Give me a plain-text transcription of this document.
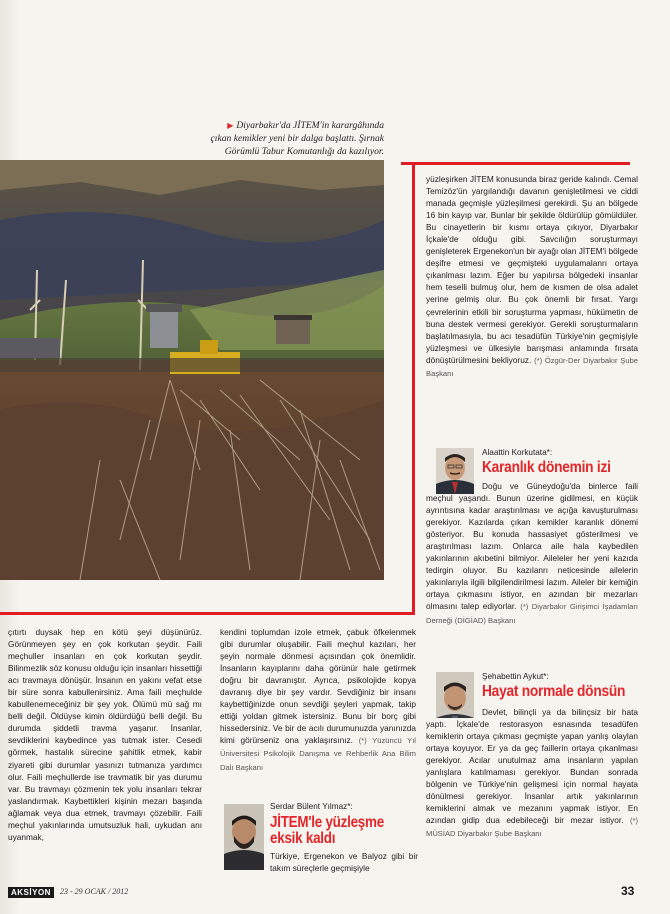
▶ Diyarbakır'da JİTEM'in karargâhında
çıkan kemikler yeni bir dalga başlattı. Şırnak
Görümlü Tabur Komutanlığı da kazılıyor.

yüzleşirken JİTEM konusunda biraz geride kalındı. Cemal Temizöz'ün yargılandığı davanın genişletilmesi ve ciddi manada geçmişle yüzleşilmesi gerekirdi. Şu an bölgede 16 bin kayıp var. Bunlar bir şekilde öldürülüp gömüldüler. Bu cinayetlerin bir kısmı ortaya çıkıyor, Diyarbakır İçkale'de olduğu gibi. Savcılığın soruşturmayı genişleterek Ergenekon'un bir ayağı olan JİTEM'i bölgede deşifre etmesi ve geçmişteki uygulamalanrı ortaya çıkanlması lazım. Eğer bu yapılırsa bölgedeki insanlar hem teselli bulmuş olur, hem de kısmen de olsa adalet yerine gelmiş olur. Bu çok önemli bir fırsat. Yargı çevrelerinin etkili bir soruşturma yapması, hükümetin de buna destek vermesi gerekiyor. Gerekli soruşturmaların başlatılmasıyla, bu acı tesadüfün Türkiye'nin geçmişiyle yüzleşmesi ve ülkesiyle barışması anlamında fırsata dönüştürülmesini bekliyoruz. (*) Özgür-Der Diyarbakır Şube Başkanı

Alaattin Korkutata*:
Karanlık dönemin izi

Doğu ve Güneydoğu'da binlerce faili meçhul yaşandı. Bunun üzerine gidilmesi, en küçük ayrıntısına kadar araştırılması ve açığa kavuşturulması gerekiyor. Kazılarda çıkan kemikler karanlık dönemi gösteriyor. Bu konuda hassasiyet gösterilmesi ve araştırılması lazım. Onlarca aile hala kaybedilen yakınlarının akıbetini bilmiyor. Aileleler her yeni kazıda tedirgin oluyor. Bu kazılanrı neticesinde ailelerin yakınlarıyla ilgili bilgilendirilmesi lazım. Aileler bir kemiğin ortaya çıkmasını istiyor, en azından bir mezarları olmasını talep ediyorlar. (*) Diyarbakır Girişimci İşadamları Derneği (DİGİAD) Başkanı

Şehabettin Aykut*:
Hayat normale dönsün

Devlet, bilinçli ya da bilinçsiz bir hata yaptı. İçkale'de restorasyon esnasında tesadüfen kemiklerin ortaya çıkması geçmişte yapan yanlış olaylan ortaya koyuyor. Er ya da geç faillerin ortaya çıkanlması gerekiyor. Acılar unutulmaz ama insanların yapılan yanlışlara katılmaması gerekiyor. Bundan sonrada bölgenin ve Türkiye'nin gelişmesi için normal hayata dönülmesi gerekiyor. İnsanlar artık yakınlarının kemiklerini almak ve mezanını yapmak istiyor. En azından gidip dua edebileceği bir mezar istiyor. (*) MÜSİAD Diyarbakır Şube Başkanı

çıtırtı duysak hep en kötü şeyi düşünürüz. Görünmeyen şey en çok korkutan şeydir. Faili meçhuller insanları en çok korkutan şeydir. Bilinmezlik söz konusu olduğu için insanları hissettiği acı travmaya dönüşür. İnsanın en yakını vefat etse bir süre sonra kabullenirsiniz. Ama faili meçhulde kabullenemeceğiniz bir şey yok. Ölümü mü sağ mı belli değil. Öldüyse kimin öldürdüğü belli değil. Bu durumda şiddetli travma yaşanır. İnsanlar, sevdiklerini kaybedince yas tutmak ister. Cesedi görmek, hastalık sürecine şahitlik etmek, kabir ziyareti gibi durumlar yasınızı tutmanıza yardımcı olur. Faili meçhullerde ise travmatik bir yas durumu var. Bu travmayı çözmenin tek yolu insanları tekrar yaslandırmak. Kaybettikleri kişinin mezarı başında ağlamak veya dua etmek, travmayı çözebilir. Faili meçhul yakınlarında umutsuzluk hali, uykudan anı uyanmak,

kendini toplumdan izole etmek, çabuk öfkelenmek gibi durumlar oluşabilir. Faili meçhul kazıları, her şeyin normale dönmesi açısından çok önemlidir. İnsanların kayıplarını daha görünür hale getirmek doğru bir davranıştır. Ayrıca, psikolojide kopya davranış diye bir şey vardır. Sevdiğiniz bir insanı kaybettiğinizde onun sevdiği şeyleri yapmak, takip ettiği yoldan gitmek istersiniz. Bunu bir borç gibi hissedersiniz. Ve bir de acılı durumunuzda yanınızda kimi görürseniz ona yaklaşırsınız. (*) Yüzüncü Yıl Üniversitesi Psikolojik Danışma ve Rehberlik Ana Bilim Dalı Başkanı

Serdar Bülent Yılmaz*:
JİTEM'le yüzleşme
eksik kaldı

Türkiye, Ergenekon ve Balyoz gibi bir takım süreçlerle geçmişiyle

AKSİYON	23 - 29 OCAK / 2012	33
